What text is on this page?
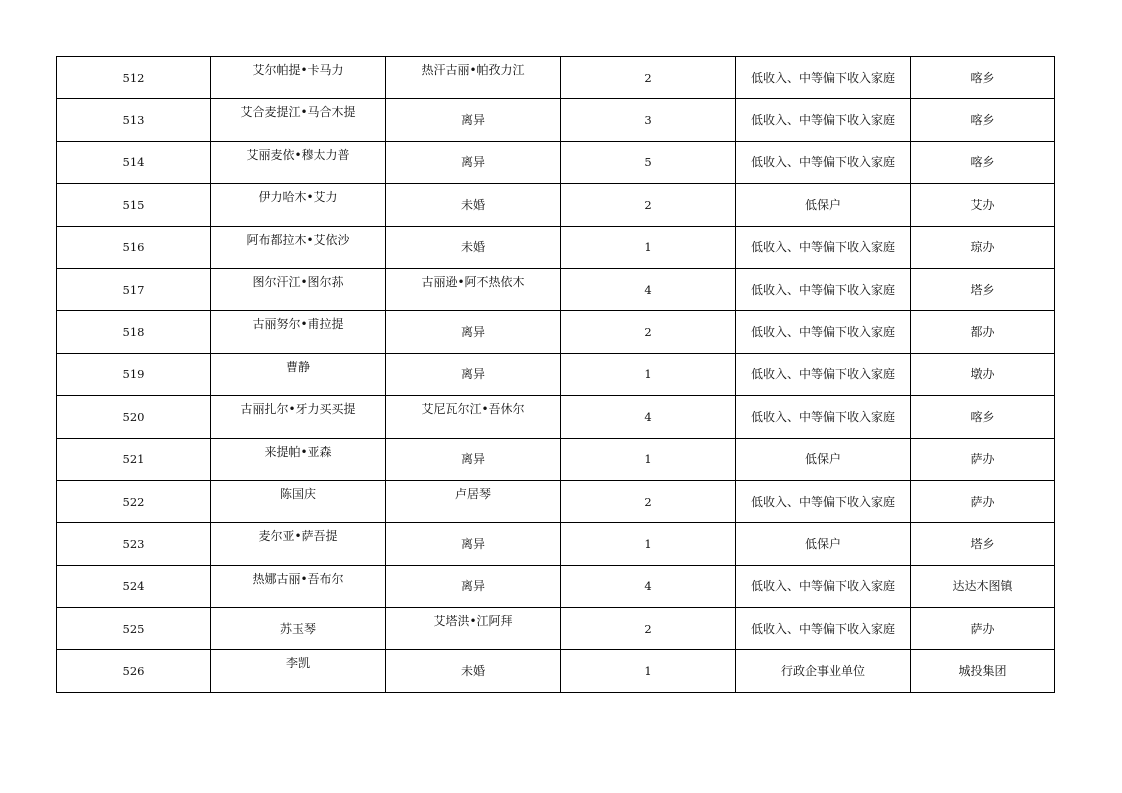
512	艾尔帕提•卡马力	热汗古丽•帕孜力江	2	低收入、中等偏下收入家庭	喀乡
513	艾合麦提江•马合木提	离异	3	低收入、中等偏下收入家庭	喀乡
514	艾丽麦依•穆太力普	离异	5	低收入、中等偏下收入家庭	喀乡
515	伊力哈木•艾力	未婚	2	低保户	艾办
516	阿布都拉木•艾依沙	未婚	1	低收入、中等偏下收入家庭	琼办
517	图尔汗江•图尔荪	古丽逊•阿不热依木	4	低收入、中等偏下收入家庭	塔乡
518	古丽努尔•甫拉提	离异	2	低收入、中等偏下收入家庭	都办
519	曹静	离异	1	低收入、中等偏下收入家庭	墩办
520	古丽扎尔•牙力买买提	艾尼瓦尔江•吾休尔	4	低收入、中等偏下收入家庭	喀乡
521	来提帕•亚森	离异	1	低保户	萨办
522	陈国庆	卢居琴	2	低收入、中等偏下收入家庭	萨办
523	麦尔亚•萨吾提	离异	1	低保户	塔乡
524	热娜古丽•吾布尔	离异	4	低收入、中等偏下收入家庭	达达木图镇
525	苏玉琴	艾塔洪•江阿拜	2	低收入、中等偏下收入家庭	萨办
526	李凯	未婚	1	行政企事业单位	城投集团
